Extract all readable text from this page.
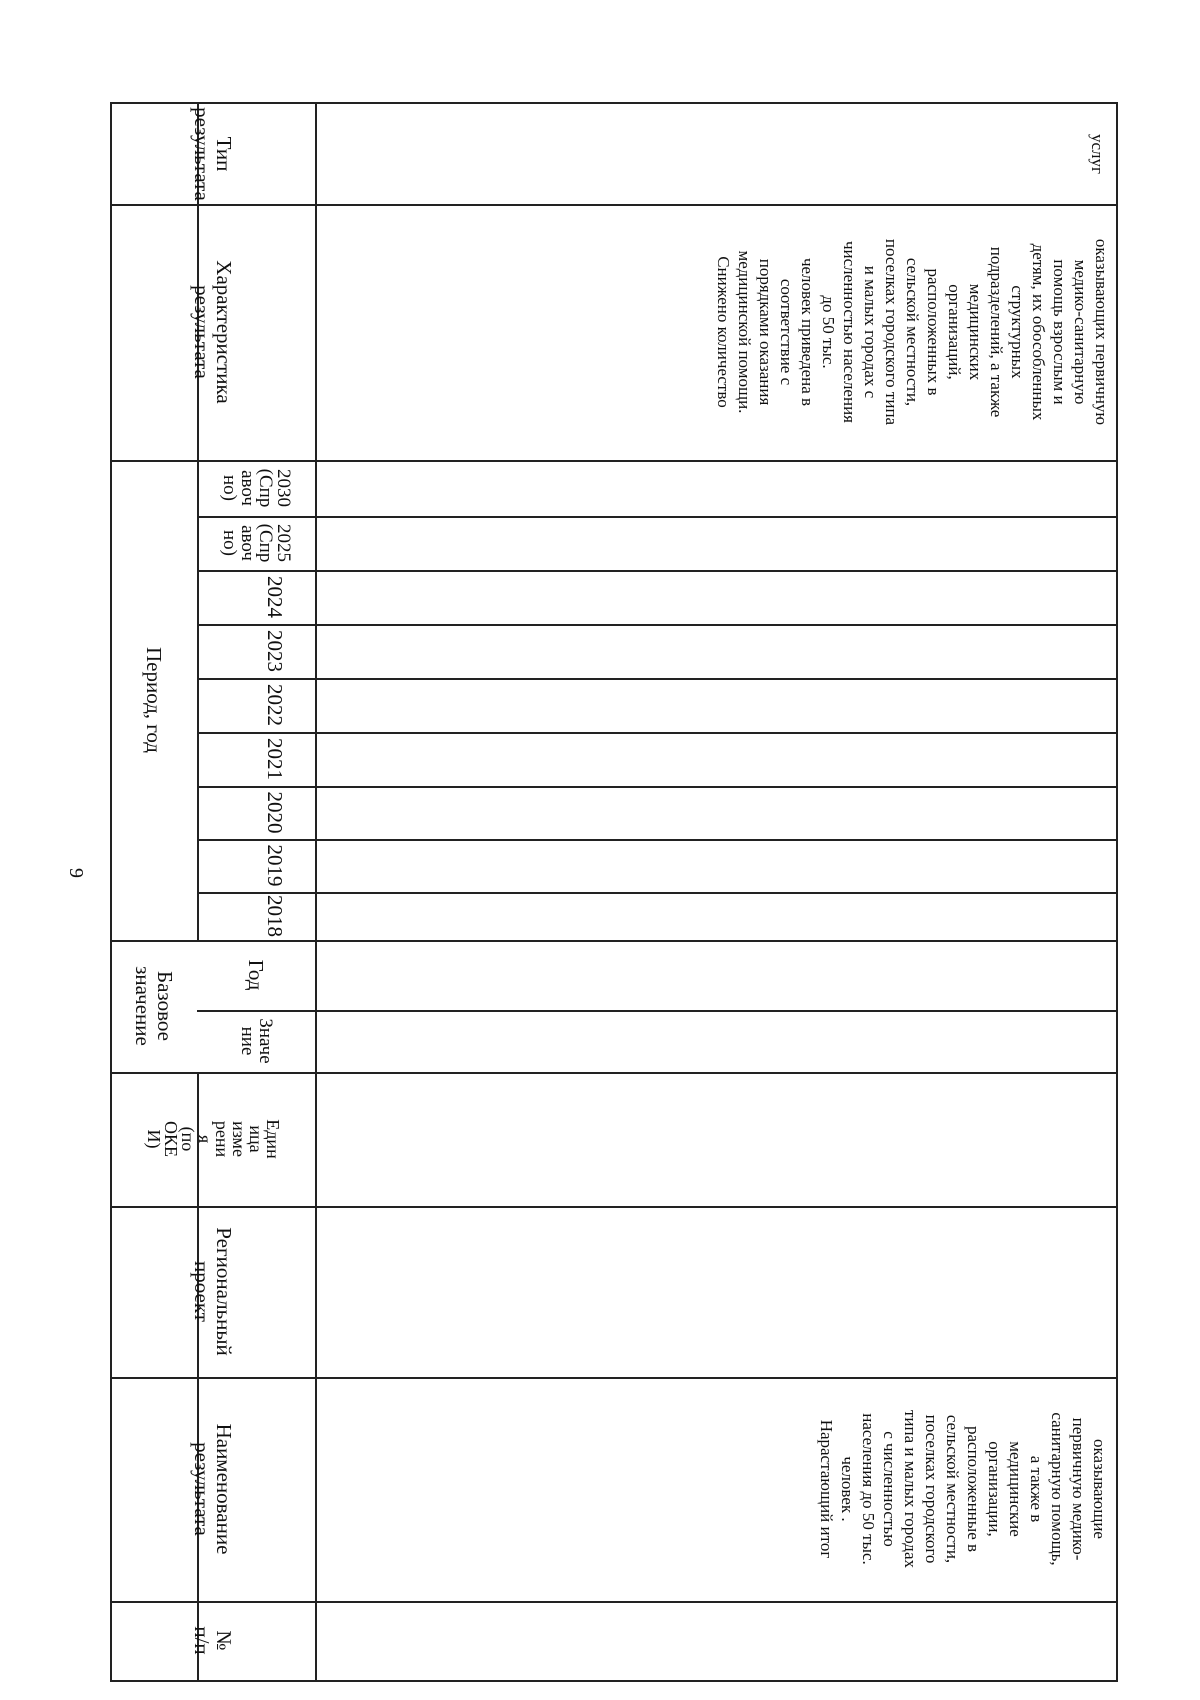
9
Тип
результата
Характеристика
результата
Период, год
2030
(Спр
авоч
но)
2025
(Спр
авоч
но)
2024
2023
2022
2021
2020
2019
2018
Базовое
значение	Год
Значе
ние
Един
ица
изме
рени
я
(по
ОКЕ
И)
Региональный
проект
Наименование
результата
№
п/п
услуг
оказывающих первичную
медико-санитарную
помощь взрослым и
детям, их обособленных
структурных
подразделений, а также
медицинских
организаций,
расположенных в
сельской местности,
поселках городского типа
и малых городах с
численностью населения
до 50 тыс.
человек приведена в
соответствие с
порядками оказания
медицинской помощи.
Снижено количество
оказывающие
первичную медико-
санитарную помощь,
а также в
медицинские
организации,
расположенные в
сельской местности,
поселках городского
типа и малых городах
с численностью
населения до 50 тыс.
человек .
Нарастающий итог
